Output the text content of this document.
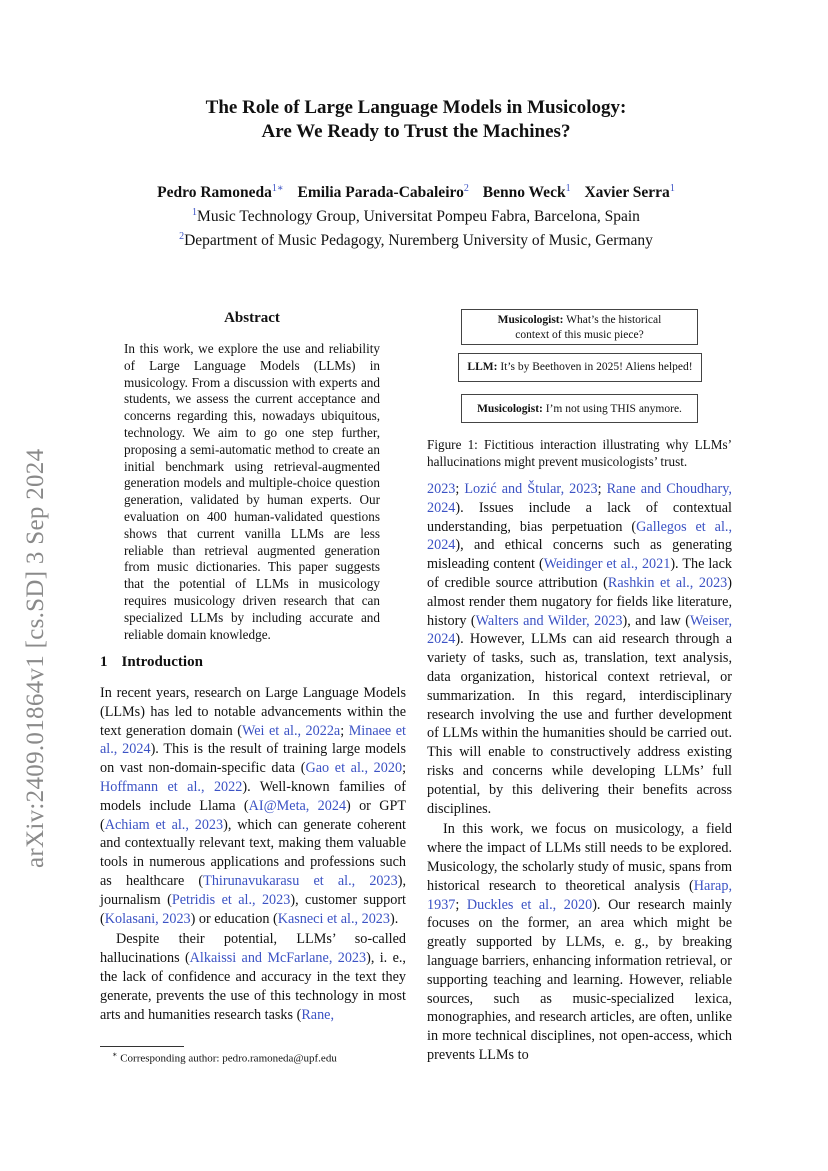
arXiv:2409.01864v1 [cs.SD] 3 Sep 2024

The Role of Large Language Models in Musicology:

Are We Ready to Trust the Machines?

Pedro Ramoneda$^{1∗}$ Emilia Parada-Cabaleiro$^2$ Benno Weck$^1$ Xavier Serra$^1$
$^1$Music Technology Group, Universitat Pompeu Fabra, Barcelona, Spain
$^2$Department of Music Pedagogy, Nuremberg University of Music, Germany
Abstract
In this work, we explore the use and reliability of Large Language Models (LLMs) in musicology. From a discussion with experts and students, we assess the current acceptance and concerns regarding this, nowadays ubiquitous, technology. We aim to go one step further, proposing a semi-automatic method to create an initial benchmark using retrieval-augmented generation models and multiple-choice question generation, validated by human experts. Our evaluation on 400 human-validated questions shows that current vanilla LLMs are less reliable than retrieval augmented generation from music dictionaries. This paper suggests that the potential of LLMs in musicology requires musicology driven research that can specialized LLMs by including accurate and reliable domain knowledge.
1 Introduction

In recent years, research on Large Language Models (LLMs) has led to notable advancements within the text generation domain (Wei et al., 2022a; Minaee et al., 2024). This is the result of training large models on vast non-domain-specific data (Gao et al., 2020; Hoffmann et al., 2022). Well-known families of models include Llama (AI@Meta, 2024) or GPT (Achiam et al., 2023), which can generate coherent and contextually relevant text, making them valuable tools in numerous applications and professions such as healthcare (Thirunavukarasu et al., 2023), journalism (Petridis et al., 2023), customer support (Kolasani, 2023) or education (Kasneci et al., 2023).

Despite their potential, LLMs’ so-called hallucinations (Alkaissi and McFarlane, 2023), i. e., the lack of confidence and accuracy in the text they generate, prevents the use of this technology in most arts and humanities research tasks (Rane,

∗ Corresponding author: pedro.ramoneda@upf.edu
Musicologist: What’s the historical
context of this music piece?
LLM: It’s by Beethoven in 2025! Aliens helped!
Musicologist: I’m not using THIS anymore.
Figure 1: Fictitious interaction illustrating why LLMs’ hallucinations might prevent musicologists’ trust.

2023; Lozić and Štular, 2023; Rane and Choudhary, 2024). Issues include a lack of contextual understanding, bias perpetuation (Gallegos et al., 2024), and ethical concerns such as generating misleading content (Weidinger et al., 2021). The lack of credible source attribution (Rashkin et al., 2023) almost render them nugatory for fields like literature, history (Walters and Wilder, 2023), and law (Weiser, 2024). However, LLMs can aid research through a variety of tasks, such as, translation, text analysis, data organization, historical context retrieval, or summarization. In this regard, interdisciplinary research involving the use and further development of LLMs within the humanities should be carried out. This will enable to constructively address existing risks and concerns while developing LLMs’ full potential, by this delivering their benefits across disciplines.

In this work, we focus on musicology, a field where the impact of LLMs still needs to be explored. Musicology, the scholarly study of music, spans from historical research to theoretical analysis (Harap, 1937; Duckles et al., 2020). Our research mainly focuses on the former, an area which might be greatly supported by LLMs, e. g., by breaking language barriers, enhancing information retrieval, or supporting teaching and learning. However, reliable sources, such as music-specialized lexica, monographies, and research articles, are often, unlike in more technical disciplines, not open-access, which prevents LLMs to
